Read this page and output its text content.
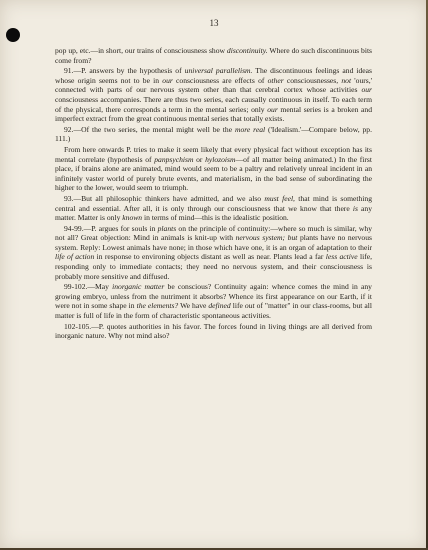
13

pop up, etc.—in short, our trains of consciousness show discontinuity. Where do such discontinuous bits come from?

91.—P. answers by the hypothesis of universal parallelism. The discontinuous feelings and ideas whose origin seems not to be in our consciousness are effects of other consciousnesses, not 'ours,' connected with parts of our nervous system other than that cerebral cortex whose activities our consciousness accompanies. There are thus two series, each causally continuous in itself. To each term of the physical, there corresponds a term in the mental series; only our mental series is a broken and imperfect extract from the great continuous mental series that totally exists.

92.—Of the two series, the mental might well be the more real ('Idealism.'—Compare below, pp. 111.)

From here onwards P. tries to make it seem likely that every physical fact without exception has its mental correlate (hypothesis of panpsychism or hylozoism—of all matter being animated.) In the first place, if brains alone are animated, mind would seem to be a paltry and relatively unreal incident in an infinitely vaster world of purely brute events, and materialism, in the bad sense of subordinating the higher to the lower, would seem to triumph.

93.—But all philosophic thinkers have admitted, and we also must feel, that mind is something central and essential. After all, it is only through our consciousness that we know that there is any matter. Matter is only known in terms of mind—this is the idealistic position.

94-99.—P. argues for souls in plants on the principle of continuity:—where so much is similar, why not all? Great objection: Mind in animals is knit-up with nervous system; but plants have no nervous system. Reply: Lowest animals have none; in those which have one, it is an organ of adaptation to their life of action in response to environing objects distant as well as near. Plants lead a far less active life, responding only to immediate contacts; they need no nervous system, and their consciousness is probably more sensitive and diffused.

99-102.—May inorganic matter be conscious? Continuity again: whence comes the mind in any growing embryo, unless from the nutriment it absorbs? Whence its first appearance on our Earth, if it were not in some shape in the elements? We have defined life out of "matter" in our class-rooms, but all matter is full of life in the form of characteristic spontaneous activities.

102-105.—P. quotes authorities in his favor. The forces found in living things are all derived from inorganic nature. Why not mind also?
